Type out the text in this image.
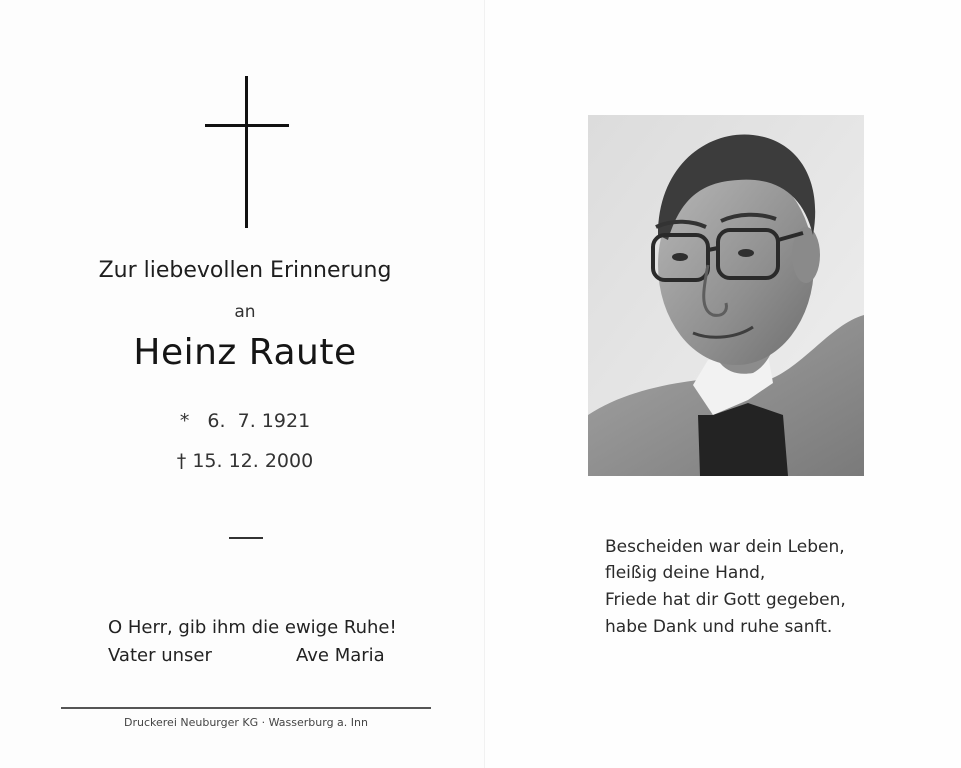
Zur liebevollen Erinnerung
an
Heinz Raute
*   6.  7. 1921
† 15. 12. 2000
O Herr, gib ihm die ewige Ruhe!
Vater unser	Ave Maria
Druckerei Neuburger KG · Wasserburg a. Inn
Bescheiden war dein Leben,
fleißig deine Hand,
Friede hat dir Gott gegeben,
habe Dank und ruhe sanft.
